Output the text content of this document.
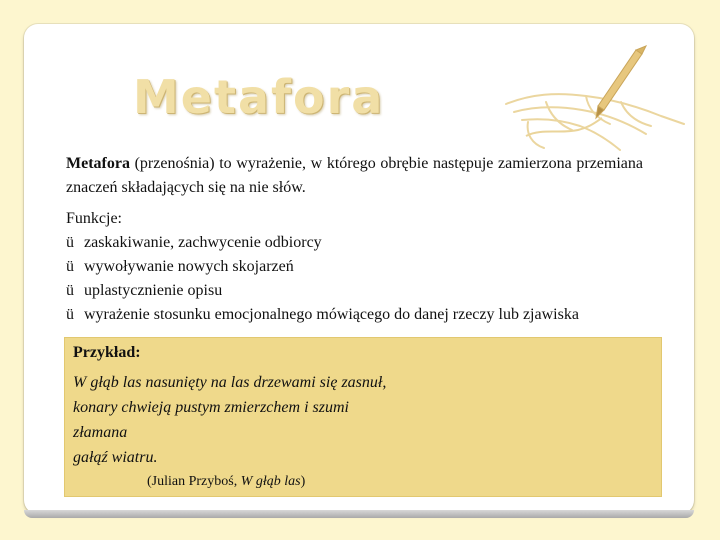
Metafora
Metafora (przenośnia) to wyrażenie, w którego obrębie następuje zamierzona przemiana znaczeń składających się na nie słów.
Funkcje:
ü zaskakiwanie, zachwycenie odbiorcy
ü wywoływanie nowych skojarzeń
ü uplastycznienie opisu
ü wyrażenie stosunku emocjonalnego mówiącego do danej rzeczy lub zjawiska
Przykład:
W głąb las nasunięty na las drzewami się zasnuł,
konary chwieją pustym zmierzchem i szumi
złamana
gałąź wiatru.
(Julian Przyboś, W głąb las)
